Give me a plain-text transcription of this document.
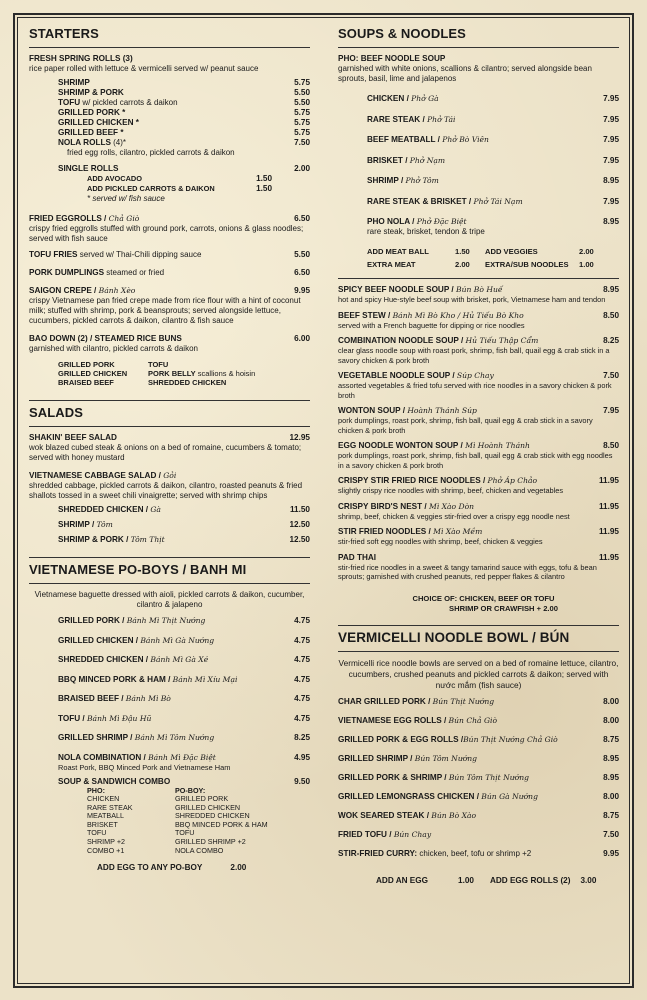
STARTERS
FRESH SPRING ROLLS (3)
rice paper rolled with lettuce & vermicelli served w/ peanut sauce
SHRIMP	5.75
SHRIMP & PORK	5.50
TOFU w/ pickled carrots & daikon	5.50
GRILLED PORK *	5.75
GRILLED CHICKEN *	5.75
GRILLED BEEF *	5.75
NOLA ROLLS (4)*	7.50
fried egg rolls, cilantro, pickled carrots & daikon
SINGLE ROLLS	2.00
ADD AVOCADO	1.50
ADD PICKLED CARROTS & DAIKON	1.50
* served w/ fish sauce
FRIED EGGROLLS / Chả Giò	6.50
crispy fried eggrolls stuffed with ground pork, carrots, onions & glass noodles; served with fish sauce
TOFU FRIES served w/ Thai-Chili dipping sauce	5.50
PORK DUMPLINGS steamed or fried	6.50
SAIGON CREPE / Bánh Xèo	9.95
crispy Vietnamese pan fried crepe made from rice flour with a hint of coconut milk; stuffed with shrimp, pork & beansprouts; served alongside lettuce, cucumbers, pickled carrots & daikon, cilantro & fish sauce
BAO DOWN (2) / STEAMED RICE BUNS	6.00
garnished with cilantro, pickled carrots & daikon
GRILLED PORK	TOFU
GRILLED CHICKEN	PORK BELLY scallions & hoisin
BRAISED BEEF	SHREDDED CHICKEN
SALADS
SHAKIN' BEEF SALAD	12.95
wok blazed cubed steak & onions on a bed of romaine, cucumbers & tomato; served with honey mustard
VIETNAMESE CABBAGE SALAD / Gỏi
shredded cabbage, pickled carrots & daikon, cilantro, roasted peanuts & fried shallots tossed in a sweet chili vinaigrette; served with shrimp chips
SHREDDED CHICKEN / Gà	11.50
SHRIMP / Tôm	12.50
SHRIMP & PORK / Tôm Thịt	12.50
VIETNAMESE PO-BOYS / BANH MI
Vietnamese baguette dressed with aioli, pickled carrots & daikon, cucumber, cilantro & jalapeno
GRILLED PORK / Bánh Mì Thịt Nướng	4.75
GRILLED CHICKEN / Bánh Mì Gà Nướng	4.75
SHREDDED CHICKEN / Bánh Mì Gà Xé	4.75
BBQ MINCED PORK & HAM / Bánh Mì Xíu Mại	4.75
BRAISED BEEF / Bánh Mì Bò	4.75
TOFU / Bánh Mì Đậu Hũ	4.75
GRILLED SHRIMP / Bánh Mì Tôm Nướng	8.25
NOLA COMBINATION / Bánh Mì Đặc Biệt	4.95
Roast Pork, BBQ Minced Pork and Vietnamese Ham
SOUP & SANDWICH COMBO	9.50
PHO:	PO-BOY:
CHICKEN	GRILLED PORK
RARE STEAK	GRILLED CHICKEN
MEATBALL	SHREDDED CHICKEN
BRISKET	BBQ MINCED PORK & HAM
TOFU	TOFU
SHRIMP +2	GRILLED SHRIMP +2
COMBO +1	NOLA COMBO
ADD EGG TO ANY PO-BOY	2.00
SOUPS & NOODLES
PHO: BEEF NOODLE SOUP
garnished with white onions, scallions & cilantro; served alongside bean sprouts, basil, lime and jalapenos
CHICKEN / Phở Gà	7.95
RARE STEAK / Phở Tái	7.95
BEEF MEATBALL / Phở Bò Viên	7.95
BRISKET / Phở Nạm	7.95
SHRIMP / Phở Tôm	8.95
RARE STEAK & BRISKET / Phở Tái Nạm	7.95
PHO NOLA / Phở Đặc Biệt	8.95
rare steak, brisket, tendon & tripe
ADD MEAT BALL	1.50	ADD VEGGIES	2.00
EXTRA MEAT	2.00	EXTRA/SUB NOODLES	1.00
SPICY BEEF NOODLE SOUP / Bún Bò Huế	8.95
hot and spicy Hue-style beef soup with brisket, pork, Vietnamese ham and tendon
BEEF STEW / Bánh Mì Bò Kho / Hủ Tiếu Bò Kho	8.50
served with a French baguette for dipping or rice noodles
COMBINATION NOODLE SOUP / Hủ Tiếu Thập Cẩm	8.25
clear glass noodle soup with roast pork, shrimp, fish ball, quail egg & crab stick in a savory chicken & pork broth
VEGETABLE NOODLE SOUP / Súp Chay	7.50
assorted vegetables & fried tofu served with rice noodles in a savory chicken & pork broth
WONTON SOUP / Hoành Thánh Súp	7.95
pork dumplings, roast pork, shrimp, fish ball, quail egg & crab stick in a savory chicken & pork broth
EGG NOODLE WONTON SOUP / Mì Hoành Thánh	8.50
pork dumplings, roast pork, shrimp, fish ball, quail egg & crab stick with egg noodles in a savory chicken & pork broth
CRISPY STIR FRIED RICE NOODLES / Phở Áp Chảo	11.95
slightly crispy rice noodles with shrimp, beef, chicken and vegetables
CRISPY BIRD'S NEST / Mì Xào Dòn	11.95
shrimp, beef, chicken & veggies stir-fried over a crispy egg noodle nest
STIR FRIED NOODLES / Mì Xào Mềm	11.95
stir-fried soft egg noodles with shrimp, beef, chicken & veggies
PAD THAI	11.95
stir-fried rice noodles in a sweet & tangy tamarind sauce with eggs, tofu & bean sprouts; garnished with crushed peanuts, red pepper flakes & cilantro
CHOICE OF: CHICKEN, BEEF OR TOFU
SHRIMP OR CRAWFISH + 2.00
VERMICELLI NOODLE BOWL / BÚN
Vermicelli rice noodle bowls are served on a bed of romaine lettuce, cilantro, cucumbers, crushed peanuts and pickled carrots & daikon; served with nước mắm (fish sauce)
CHAR GRILLED PORK / Bún Thịt Nướng	8.00
VIETNAMESE EGG ROLLS / Bún Chả Giò	8.00
GRILLED PORK & EGG ROLLS /Bún Thịt Nướng Chả Giò	8.75
GRILLED SHRIMP / Bún Tôm Nướng	8.95
GRILLED PORK & SHRIMP / Bún Tôm Thịt Nướng	8.95
GRILLED LEMONGRASS CHICKEN / Bún Gà Nướng	8.00
WOK SEARED STEAK / Bún Bò Xào	8.75
FRIED TOFU / Bún Chay	7.50
STIR-FRIED CURRY: chicken, beef, tofu or shrimp +2	9.95
ADD AN EGG	1.00 ADD EGG ROLLS (2) 3.00
